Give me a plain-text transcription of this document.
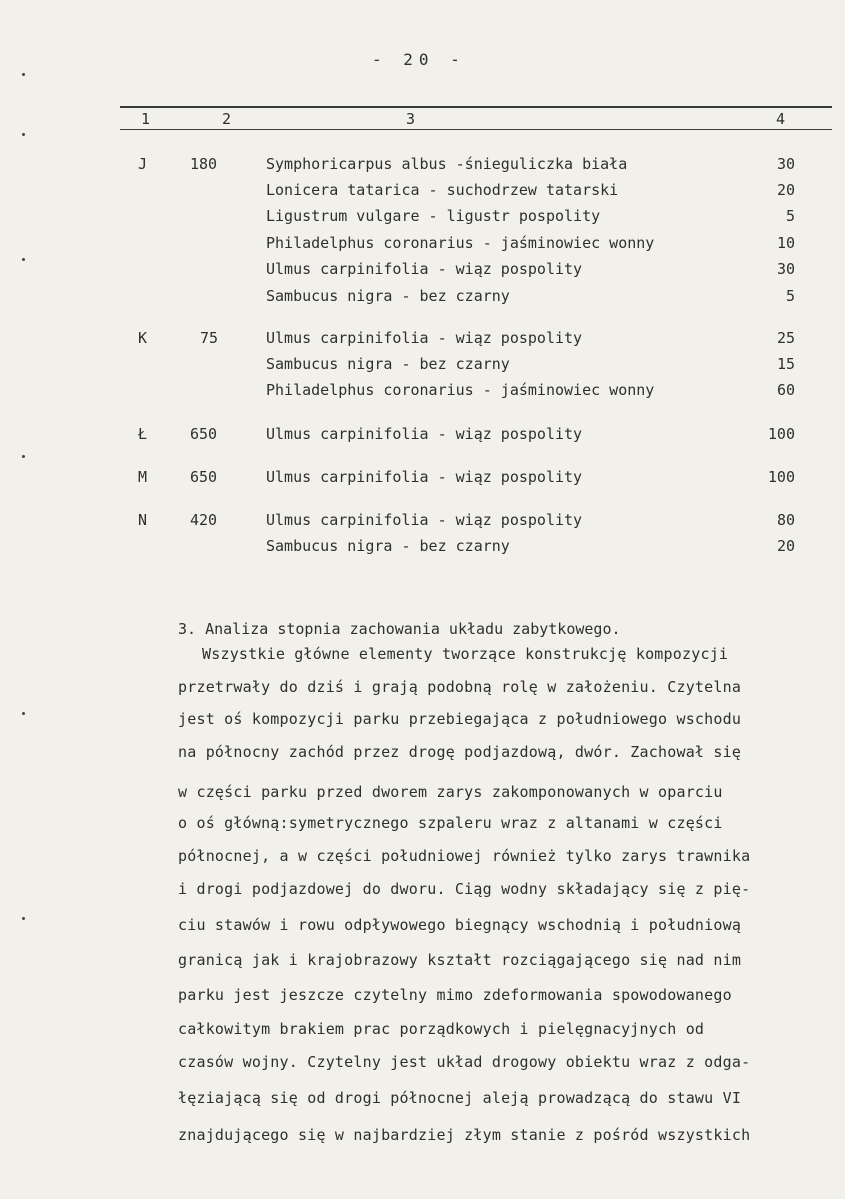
- 20 -
1	2	3	4
J	180	Symphoricarpus albus -śnieguliczka biała	30
Lonicera tatarica - suchodrzew tatarski	20
Ligustrum vulgare - ligustr pospolity	5
Philadelphus coronarius - jaśminowiec wonny	10
Ulmus carpinifolia - wiąz pospolity	30
Sambucus nigra - bez czarny	5
K	75	Ulmus carpinifolia - wiąz pospolity	25
Sambucus nigra - bez czarny	15
Philadelphus coronarius - jaśminowiec wonny	60
Ł	650	Ulmus carpinifolia - wiąz pospolity	100
M	650	Ulmus carpinifolia - wiąz pospolity	100
N	420	Ulmus carpinifolia - wiąz pospolity	80
Sambucus nigra - bez czarny	20
3. Analiza stopnia zachowania układu zabytkowego.
Wszystkie główne elementy tworzące konstrukcję kompozycji
przetrwały do dziś i grają podobną rolę w założeniu. Czytelna
jest oś kompozycji parku przebiegająca z południowego wschodu
na północny zachód przez drogę podjazdową, dwór. Zachował się
w części parku przed dworem zarys zakomponowanych w oparciu
o oś główną:symetrycznego szpaleru wraz z altanami w części
północnej, a w części południowej również tylko zarys trawnika
i drogi podjazdowej do dworu. Ciąg wodny składający się z pię-
ciu stawów i rowu odpływowego biegnący wschodnią i południową
granicą jak i krajobrazowy kształt rozciągającego się nad nim
parku jest jeszcze czytelny mimo zdeformowania spowodowanego
całkowitym brakiem prac porządkowych i pielęgnacyjnych od
czasów wojny. Czytelny jest układ drogowy obiektu wraz z odga-
łęziającą się od drogi północnej aleją prowadzącą do stawu VI
znajdującego się w najbardziej złym stanie z pośród wszystkich
